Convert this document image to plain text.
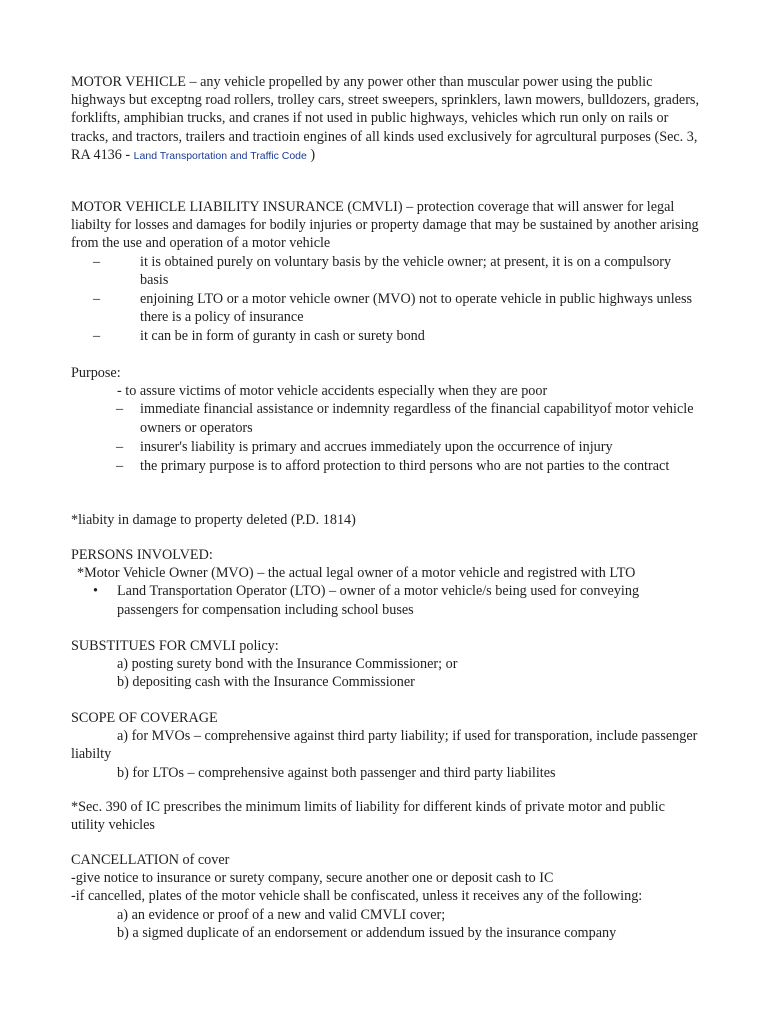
MOTOR VEHICLE – any vehicle propelled by any power other than muscular power using the public highways but exceptng road rollers, trolley cars, street sweepers, sprinklers, lawn mowers, bulldozers, graders, forklifts, amphibian trucks, and cranes if not used in public highways, vehicles which run only on rails or tracks, and tractors, trailers and tractioin engines of all kinds used exclusively for agrcultural purposes (Sec. 3, RA 4136 - Land Transportation and Traffic Code )

MOTOR VEHICLE LIABILITY INSURANCE (CMVLI) – protection coverage that will answer for legal liabilty for losses and damages for bodily injuries or property damage that may be sustained by another arising from the use and operation of a motor vehicle

–	it is obtained purely on voluntary basis by the vehicle owner; at present, it is on a compulsory basis
–	enjoining LTO or a motor vehicle owner (MVO) not to operate vehicle in public highways unless there is a policy of insurance
–	it can be in form of guranty in cash or surety bond

Purpose:

- to assure victims of motor vehicle accidents especially when they are poor

– immediate financial assistance or indemnity regardless of the financial capabilityof motor vehicle owners or operators
– insurer's liability is primary and accrues immediately upon the occurrence of injury
– the primary purpose is to afford protection to third persons who are not parties to the contract

*liabity in damage to property deleted (P.D. 1814)

PERSONS INVOLVED:

*Motor Vehicle Owner (MVO) – the actual legal owner of a motor vehicle and registred with LTO

• Land Transportation Operator (LTO) – owner of a motor vehicle/s being used for conveying passengers for compensation including school buses

SUBSTITUES FOR CMVLI policy:

a) posting surety bond with the Insurance Commissioner; or

b) depositing cash with the Insurance Commissioner

SCOPE OF COVERAGE

a) for MVOs – comprehensive against third party liability; if used for transporation, include passenger liabilty

b) for LTOs – comprehensive against both passenger and third party liabilites

*Sec. 390 of IC prescribes the minimum limits of liability for different kinds of private motor and public utility vehicles

CANCELLATION of cover

-give notice to insurance or surety company, secure another one or deposit cash to IC

-if cancelled, plates of the motor vehicle shall be confiscated, unless it receives any of the following:

a) an evidence or proof of a new and valid CMVLI cover;

b) a sigmed duplicate of an endorsement or addendum issued by the insurance company
